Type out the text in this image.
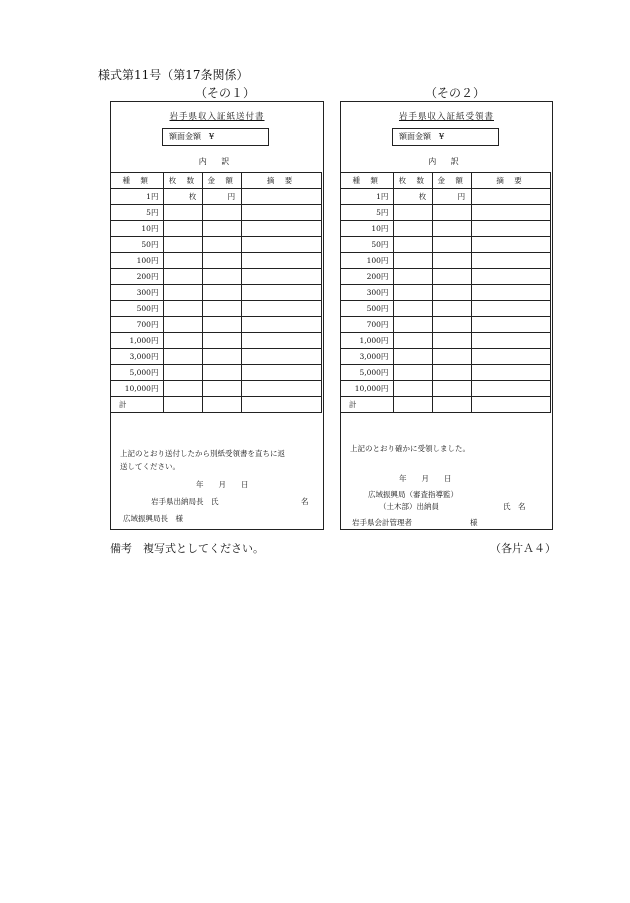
様式第11号（第17条関係）
（その１）	（その２）
岩手県収入証紙送付書
額面金額　¥
内 訳
種 類	枚 数	金 額	摘 要
1円	枚	円	
5円			
10円			
50円			
100円			
200円			
300円			
500円			
700円			
1,000円			
3,000円			
5,000円			
10,000円			
計			
上記のとおり送付したから別紙受領書を直ちに返
送してください。
年　　月　　日
岩手県出納局長　氏	名
広域振興局長　様
岩手県収入証紙受領書
額面金額　¥
内 訳
種 類	枚 数	金 額	摘 要
1円	枚	円	
5円			
10円			
50円			
100円			
200円			
300円			
500円			
700円			
1,000円			
3,000円			
5,000円			
10,000円			
計			
上記のとおり確かに受領しました。
年　　月　　日
広域振興局（審査指導監）
（土木部）出納員	氏　名
岩手県会計管理者	様
備考　複写式としてください。	（各片Ａ４）
